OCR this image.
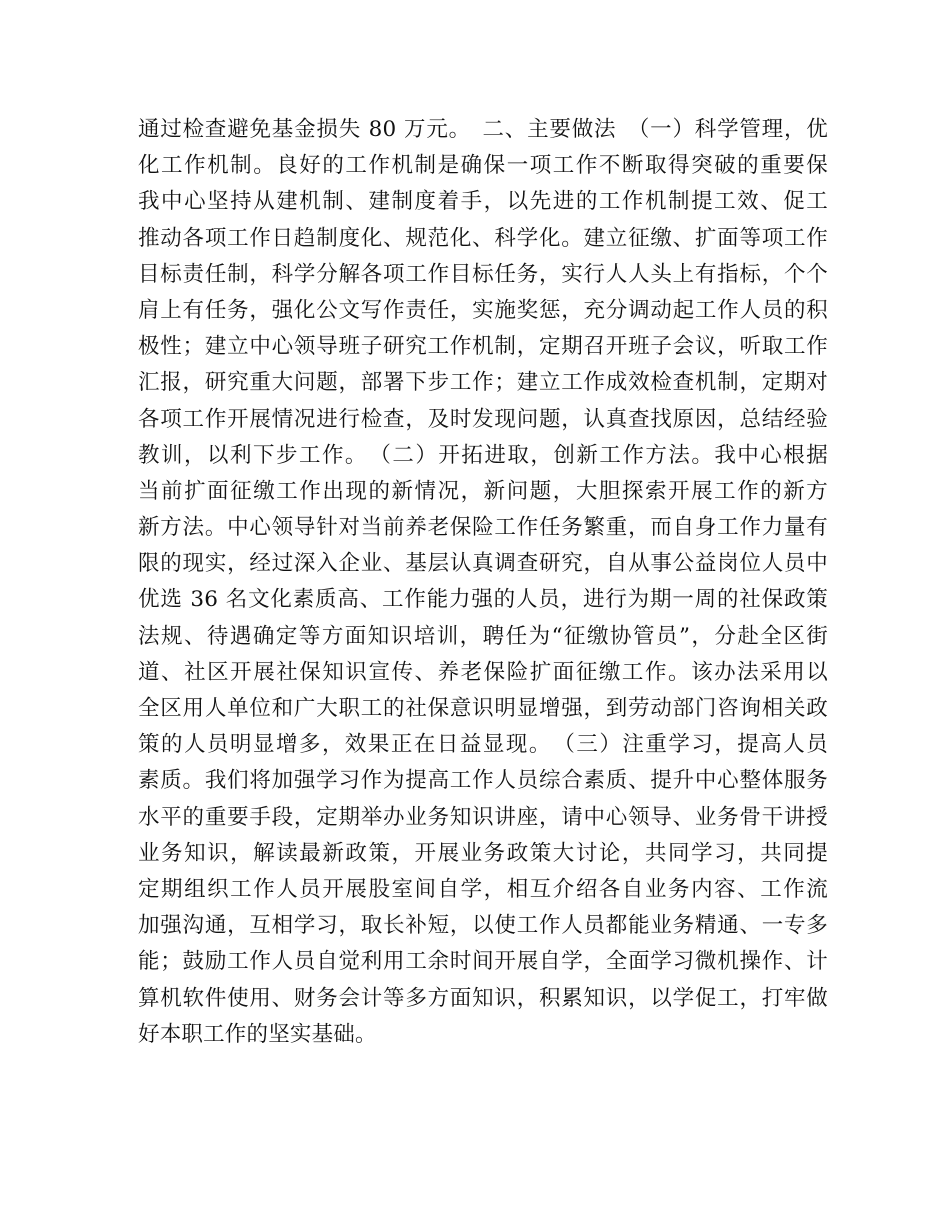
通过检查避免基金损失 80 万元。　二、主要做法　（一）科学管理，优
化工作机制。良好的工作机制是确保一项工作不断取得突破的重要保
我中心坚持从建机制、建制度着手，以先进的工作机制提工效、促工
推动各项工作日趋制度化、规范化、科学化。建立征缴、扩面等项工作
目标责任制，科学分解各项工作目标任务，实行人人头上有指标，个个
肩上有任务，强化公文写作责任，实施奖惩，充分调动起工作人员的积
极性；建立中心领导班子研究工作机制，定期召开班子会议，听取工作
汇报，研究重大问题，部署下步工作；建立工作成效检查机制，定期对
各项工作开展情况进行检查，及时发现问题，认真查找原因，总结经验
教训，以利下步工作。　（二）开拓进取，创新工作方法。我中心根据
当前扩面征缴工作出现的新情况，新问题，大胆探索开展工作的新方
新方法。中心领导针对当前养老保险工作任务繁重，而自身工作力量有
限的现实，经过深入企业、基层认真调查研究，自从事公益岗位人员中
优选 36 名文化素质高、工作能力强的人员，进行为期一周的社保政策
法规、待遇确定等方面知识培训，聘任为“征缴协管员”，分赴全区街
道、社区开展社保知识宣传、养老保险扩面征缴工作。该办法采用以
全区用人单位和广大职工的社保意识明显增强，到劳动部门咨询相关政
策的人员明显增多，效果正在日益显现。　（三）注重学习，提高人员
素质。我们将加强学习作为提高工作人员综合素质、提升中心整体服务
水平的重要手段，定期举办业务知识讲座，请中心领导、业务骨干讲授
业务知识，解读最新政策，开展业务政策大讨论，共同学习，共同提
定期组织工作人员开展股室间自学，相互介绍各自业务内容、工作流
加强沟通，互相学习，取长补短，以使工作人员都能业务精通、一专多
能；鼓励工作人员自觉利用工余时间开展自学，全面学习微机操作、计
算机软件使用、财务会计等多方面知识，积累知识，以学促工，打牢做
好本职工作的坚实基础。
